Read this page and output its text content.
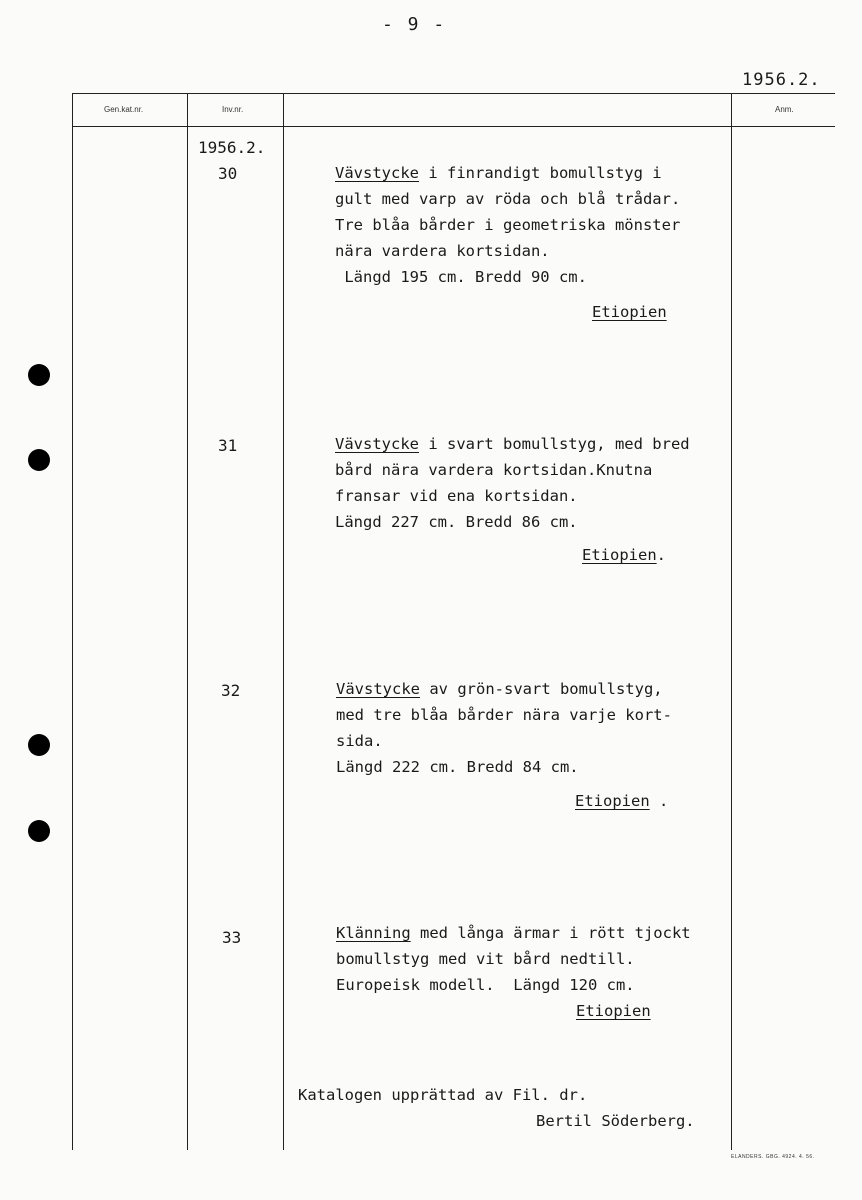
- 9 -
1956.2.
Gen.kat.nr.	Inv.nr.	Anm.
1956.2.
30	Vävstycke i finrandigt bomullstyg i
gult med varp av röda och blå trådar.
Tre blåa bårder i geometriska mönster
nära vardera kortsidan.
Längd 195 cm. Bredd 90 cm.
Etiopien
31	Vävstycke i svart bomullstyg, med bred
bård nära vardera kortsidan.Knutna
fransar vid ena kortsidan.
Längd 227 cm. Bredd 86 cm.
Etiopien.
32	Vävstycke av grön-svart bomullstyg,
med tre blåa bårder nära varje kort-
sida.
Längd 222 cm. Bredd 84 cm.
Etiopien .
33	Klänning med långa ärmar i rött tjockt
bomullstyg med vit bård nedtill.
Europeisk modell.  Längd 120 cm.
Etiopien
Katalogen upprättad av Fil. dr.
Bertil Söderberg.
ELANDERS. GBG. 4924. 4. 56.
